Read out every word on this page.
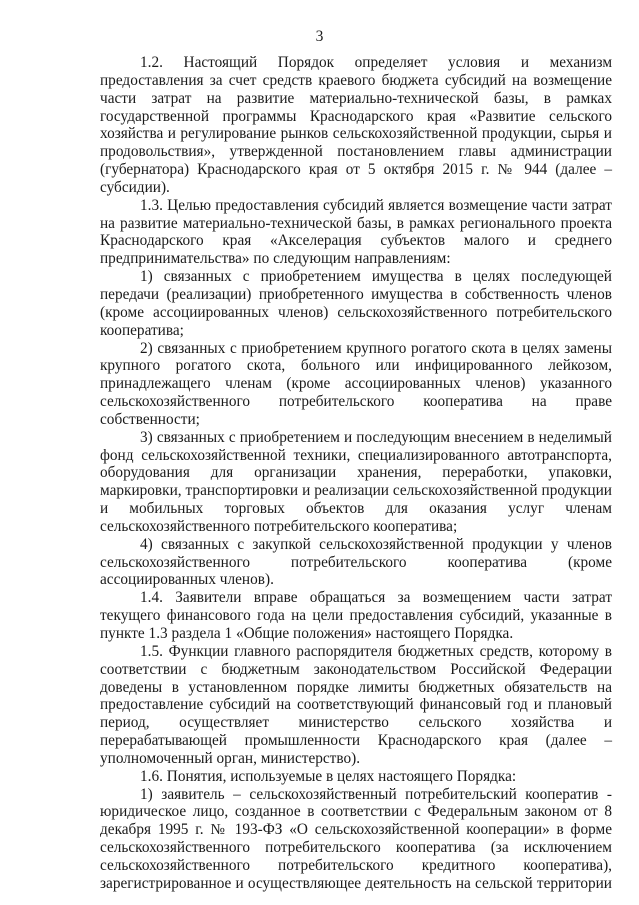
3

1.2. Настоящий Порядок определяет условия и механизм предоставления за счет средств краевого бюджета субсидий на возмещение части затрат на развитие материально-технической базы, в рамках государственной программы Краснодарского края «Развитие сельского хозяйства и регулирование рынков сельскохозяйственной продукции, сырья и продовольствия», утвержденной постановлением главы администрации (губернатора) Краснодарского края от 5 октября 2015 г. № 944 (далее – субсидии).

1.3. Целью предоставления субсидий является возмещение части затрат на развитие материально-технической базы, в рамках регионального проекта Краснодарского края «Акселерация субъектов малого и среднего предпринимательства» по следующим направлениям:

1) связанных с приобретением имущества в целях последующей передачи (реализации) приобретенного имущества в собственность членов (кроме ассоциированных членов) сельскохозяйственного потребительского кооператива;

2) связанных с приобретением крупного рогатого скота в целях замены крупного рогатого скота, больного или инфицированного лейкозом, принадлежащего членам (кроме ассоциированных членов) указанного сельскохозяйственного потребительского кооператива на праве собственности;

3) связанных с приобретением и последующим внесением в неделимый фонд сельскохозяйственной техники, специализированного автотранспорта, оборудования для организации хранения, переработки, упаковки, маркировки, транспортировки и реализации сельскохозяйственной продукции и мобильных торговых объектов для оказания услуг членам сельскохозяйственного потребительского кооператива;

4) связанных с закупкой сельскохозяйственной продукции у членов сельскохозяйственного потребительского кооператива (кроме ассоциированных членов).

1.4. Заявители вправе обращаться за возмещением части затрат текущего финансового года на цели предоставления субсидий, указанные в пункте 1.3 раздела 1 «Общие положения» настоящего Порядка.

1.5. Функции главного распорядителя бюджетных средств, которому в соответствии с бюджетным законодательством Российской Федерации доведены в установленном порядке лимиты бюджетных обязательств на предоставление субсидий на соответствующий финансовый год и плановый период, осуществляет министерство сельского хозяйства и перерабатывающей промышленности Краснодарского края (далее – уполномоченный орган, министерство).

1.6. Понятия, используемые в целях настоящего Порядка:

1) заявитель – сельскохозяйственный потребительский кооператив - юридическое лицо, созданное в соответствии с Федеральным законом от 8 декабря 1995 г. № 193-ФЗ «О сельскохозяйственной кооперации» в форме сельскохозяйственного потребительского кооператива (за исключением сельскохозяйственного потребительского кредитного кооператива), зарегистрированное и осуществляющее деятельность на сельской территории
